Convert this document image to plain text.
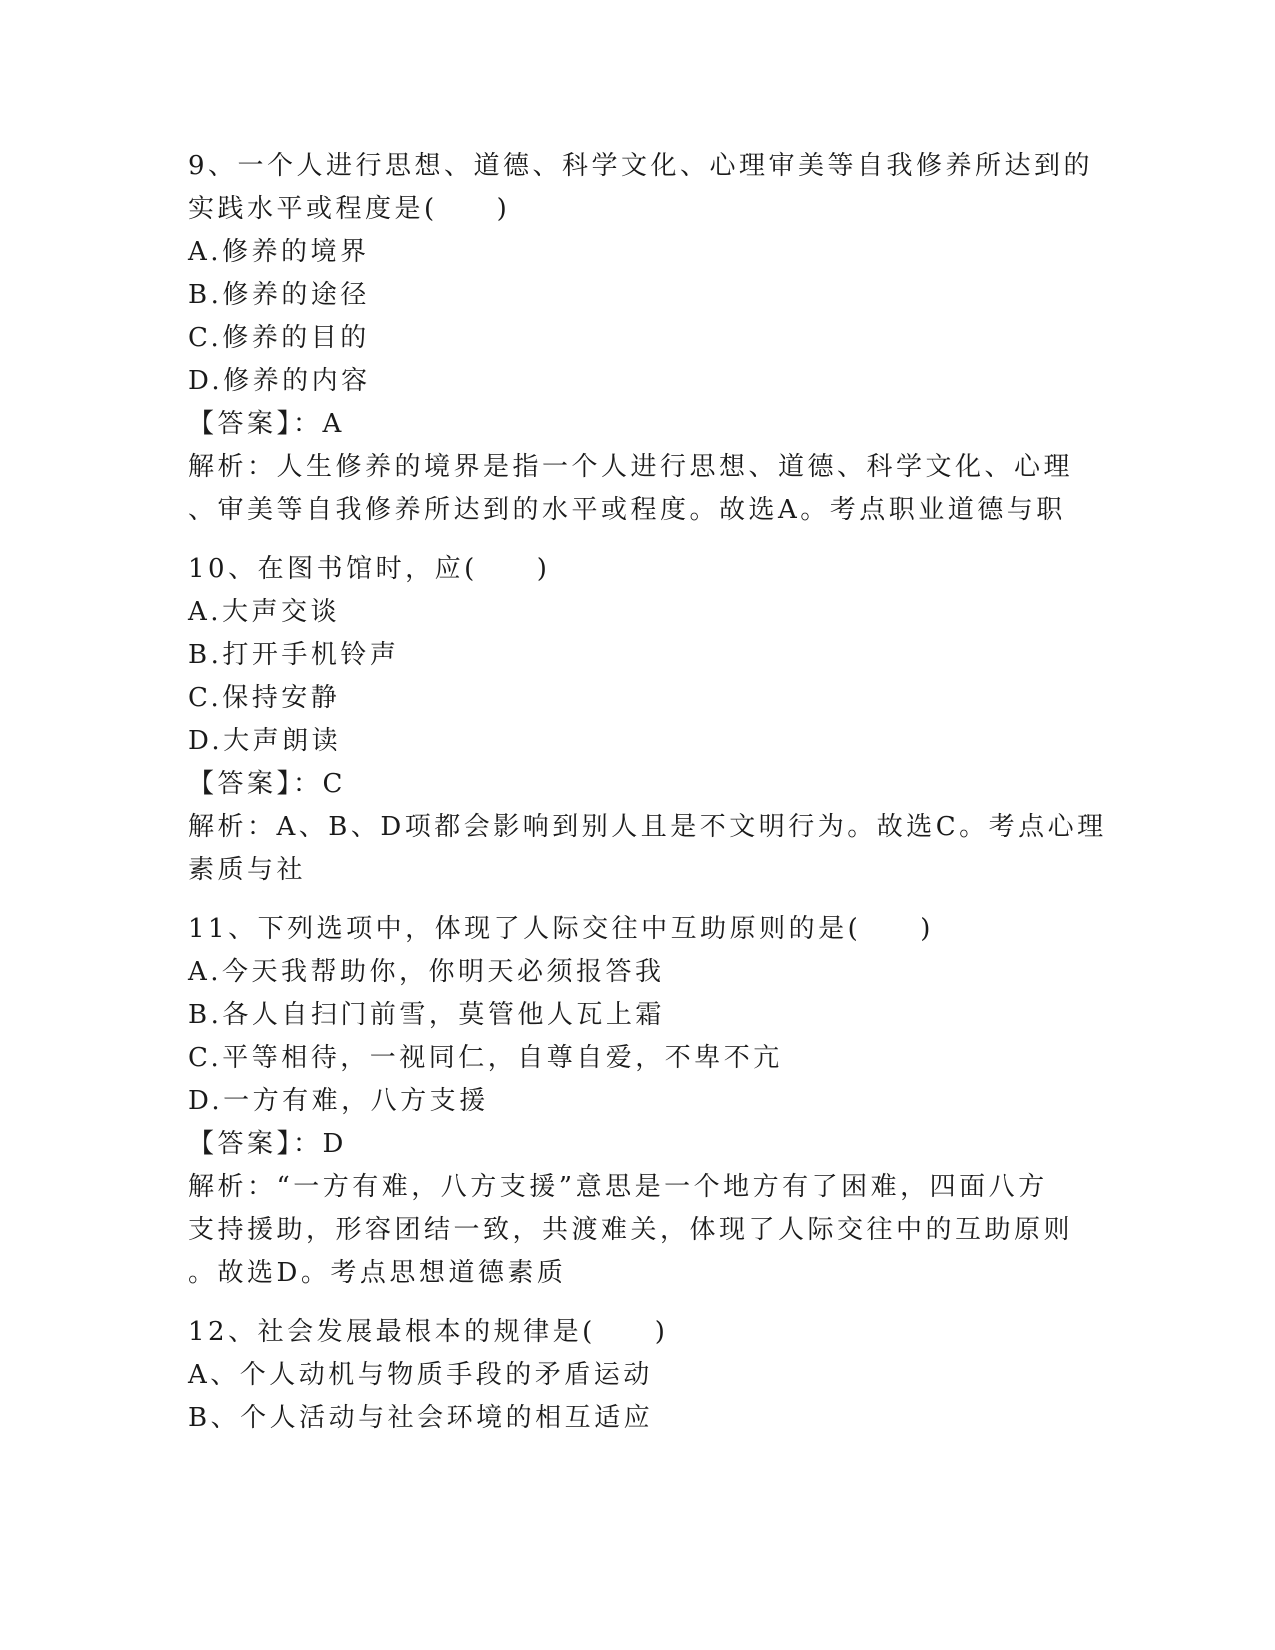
9、一个人进行思想、道德、科学文化、心理审美等自我修养所达到的
实践水平或程度是(　　)
A.修养的境界
B.修养的途径
C.修养的目的
D.修养的内容
【答案】：A
解析：人生修养的境界是指一个人进行思想、道德、科学文化、心理
、审美等自我修养所达到的水平或程度。故选A。考点职业道德与职
10、在图书馆时，应(　　)
A.大声交谈
B.打开手机铃声
C.保持安静
D.大声朗读
【答案】：C
解析：A、B、D项都会影响到别人且是不文明行为。故选C。考点心理
素质与社
11、下列选项中，体现了人际交往中互助原则的是(　　)
A.今天我帮助你，你明天必须报答我
B.各人自扫门前雪，莫管他人瓦上霜
C.平等相待，一视同仁，自尊自爱，不卑不亢
D.一方有难，八方支援
【答案】：D
解析：“一方有难，八方支援”意思是一个地方有了困难，四面八方
支持援助，形容团结一致，共渡难关，体现了人际交往中的互助原则
。故选D。考点思想道德素质
12、社会发展最根本的规律是(　　)
A、个人动机与物质手段的矛盾运动
B、个人活动与社会环境的相互适应
